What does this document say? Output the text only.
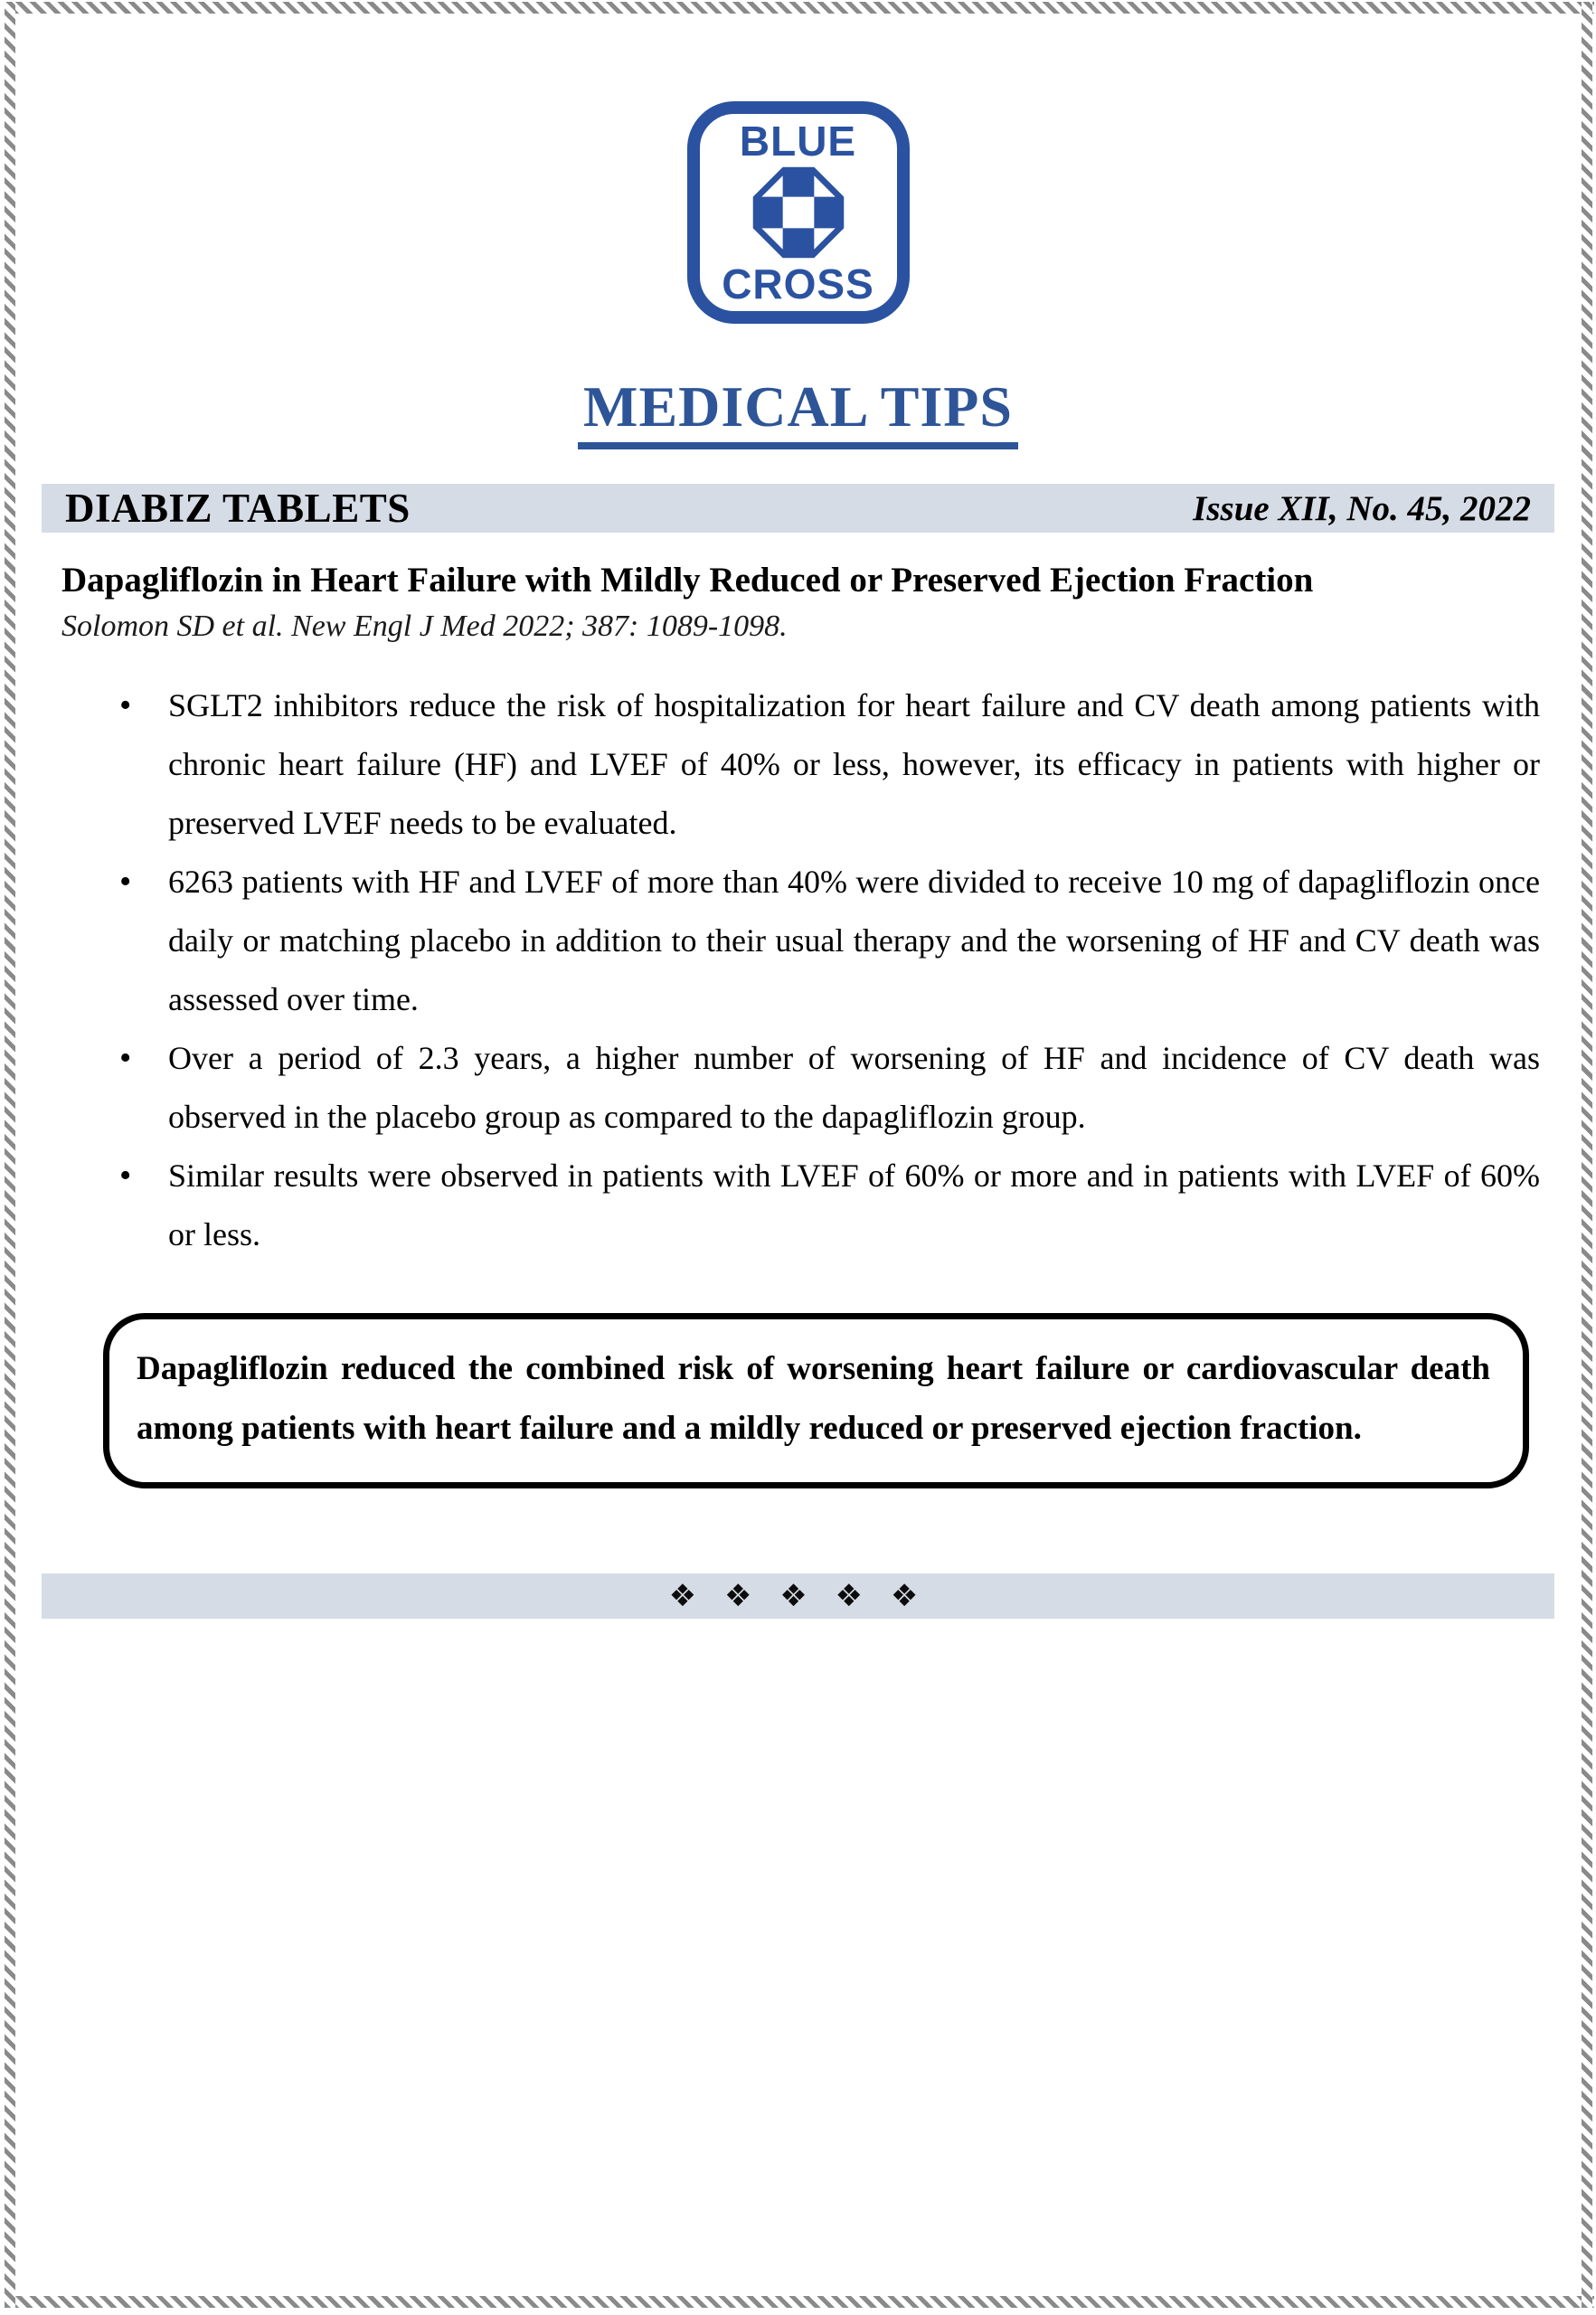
BLUE
CROSS
MEDICAL TIPS
DIABIZ TABLETS	Issue XII, No. 45, 2022
Dapagliflozin in Heart Failure with Mildly Reduced or Preserved Ejection Fraction
Solomon SD et al. New Engl J Med 2022; 387: 1089-1098.
• SGLT2 inhibitors reduce the risk of hospitalization for heart failure and CV death among patients with chronic heart failure (HF) and LVEF of 40% or less, however, its efficacy in patients with higher or preserved LVEF needs to be evaluated.
• 6263 patients with HF and LVEF of more than 40% were divided to receive 10 mg of dapagliflozin once daily or matching placebo in addition to their usual therapy and the worsening of HF and CV death was assessed over time.
• Over a period of 2.3 years, a higher number of worsening of HF and incidence of CV death was observed in the placebo group as compared to the dapagliflozin group.
• Similar results were observed in patients with LVEF of 60% or more and in patients with LVEF of 60% or less.
Dapagliflozin reduced the combined risk of worsening heart failure or cardiovascular death among patients with heart failure and a mildly reduced or preserved ejection fraction.
❖ ❖ ❖ ❖ ❖
